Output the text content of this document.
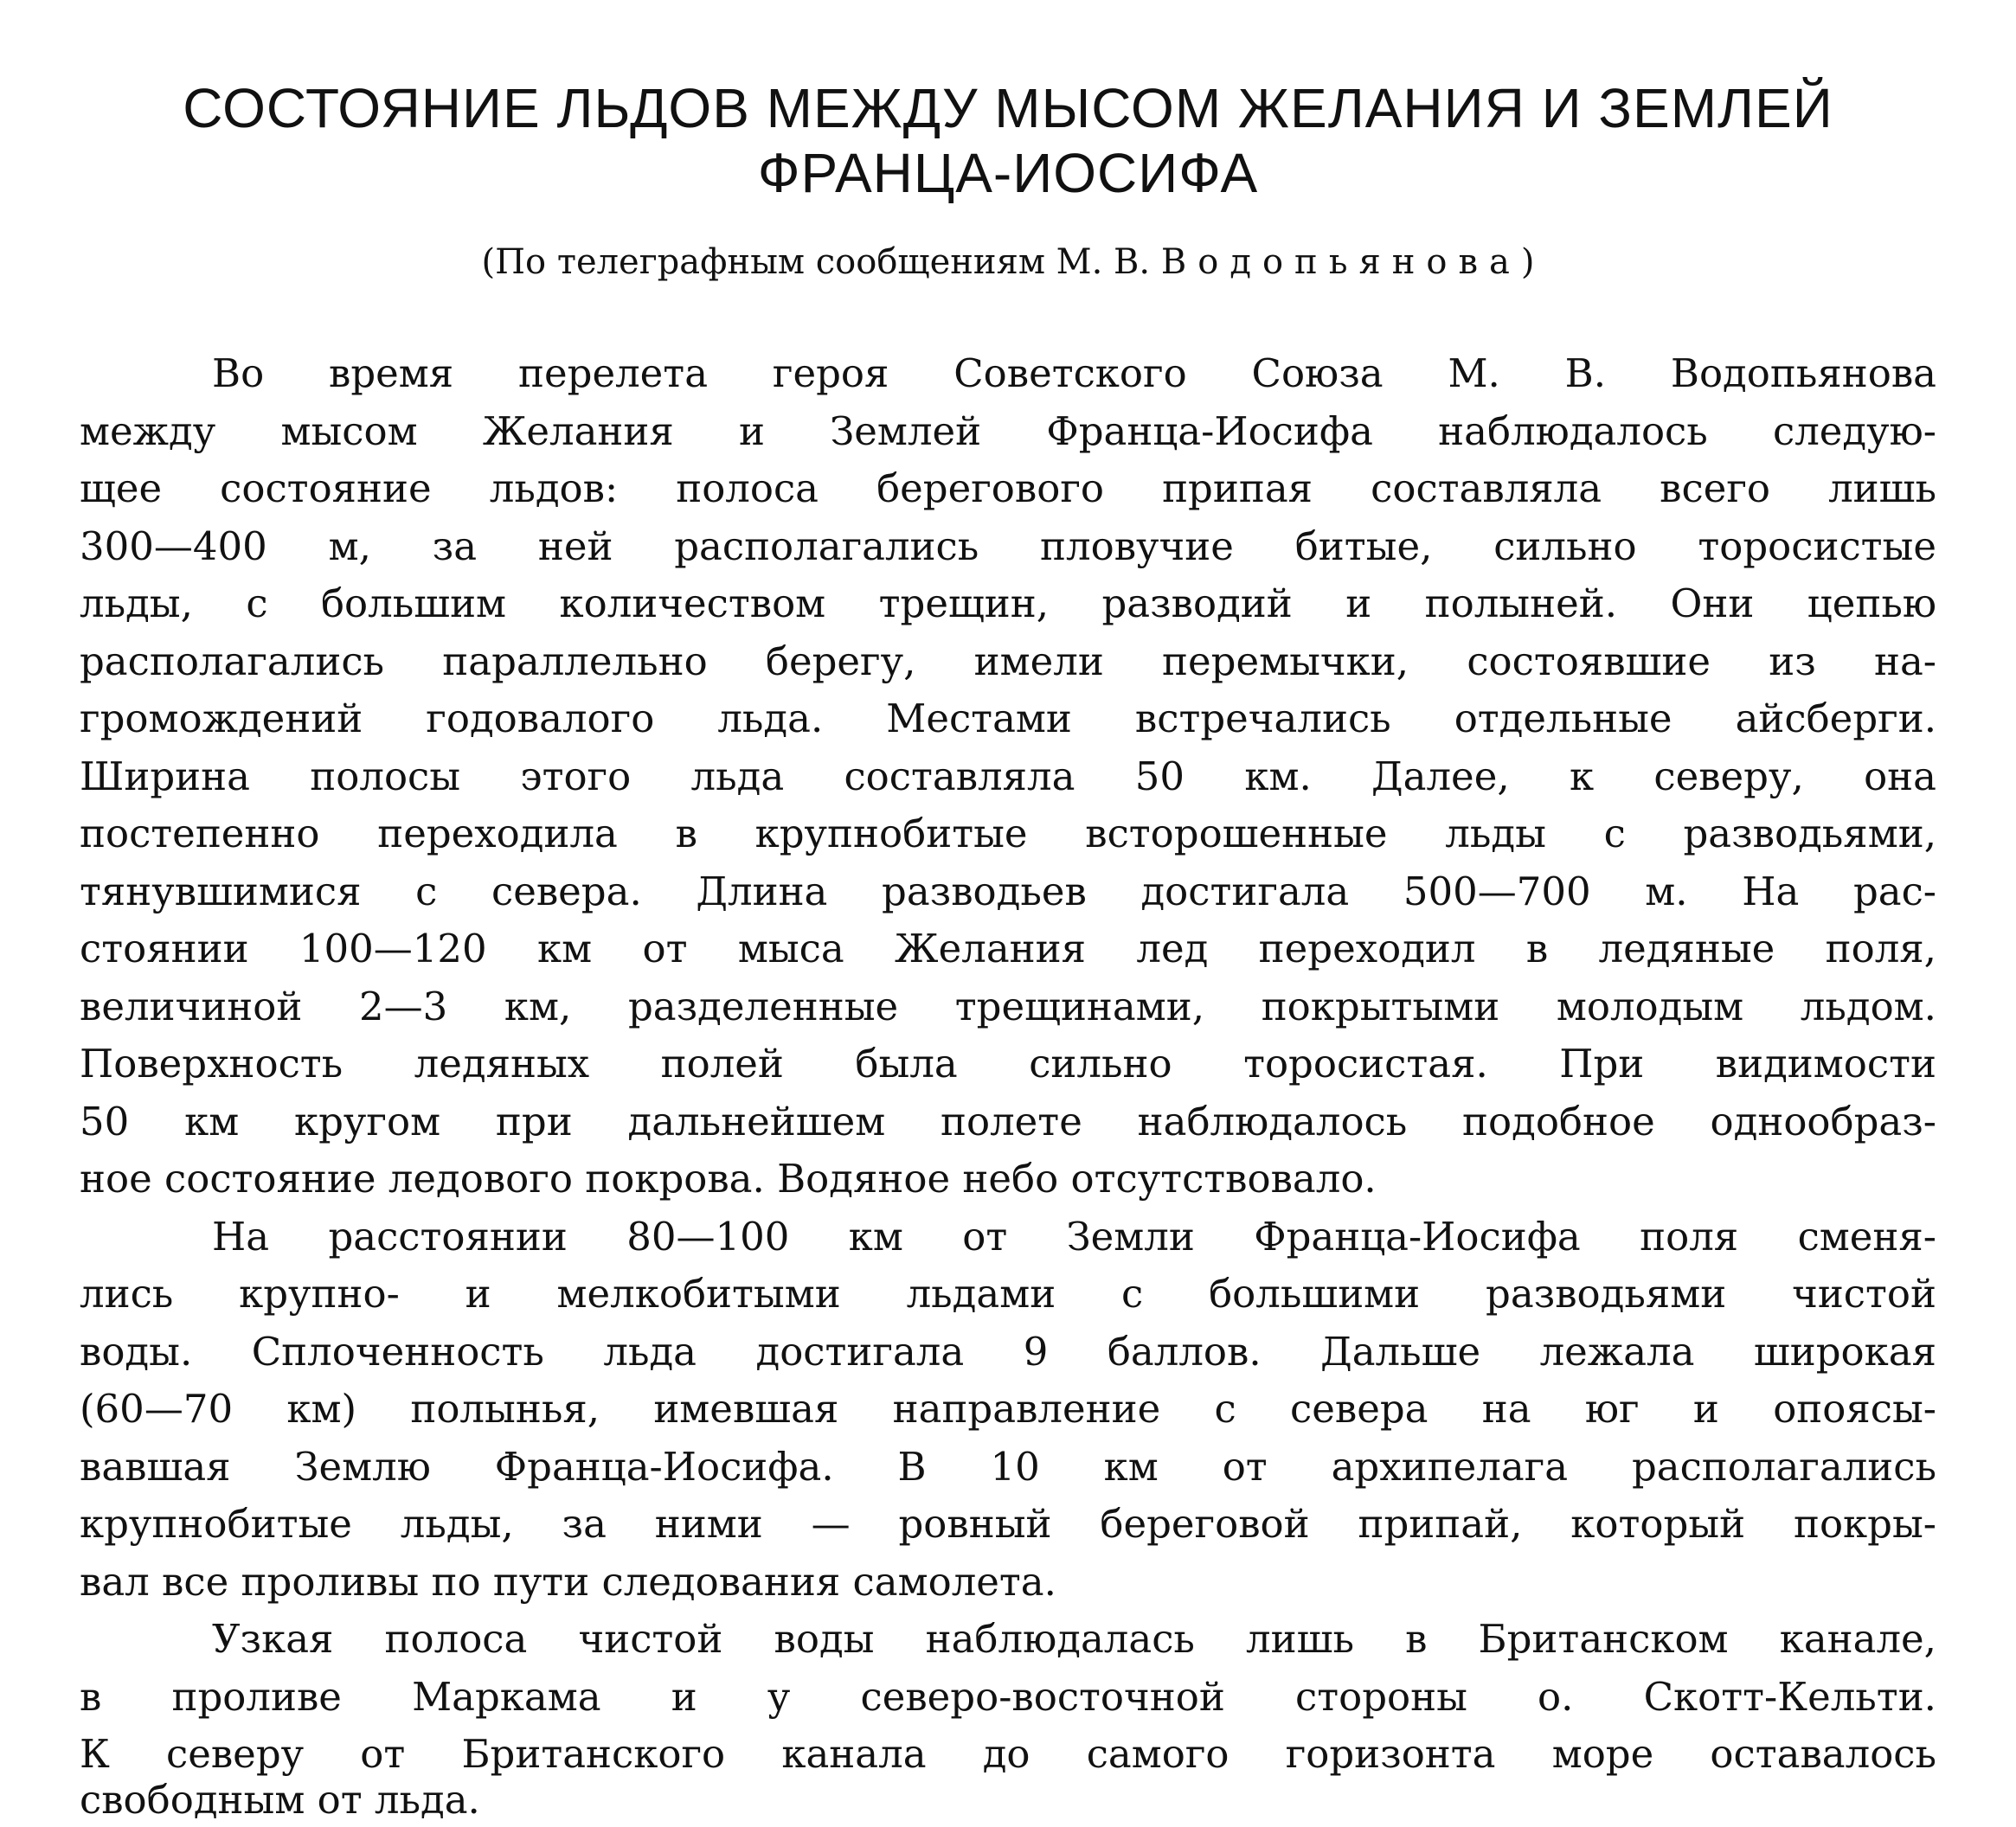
СОСТОЯНИЕ ЛЬДОВ МЕЖДУ МЫСОМ ЖЕЛАНИЯ И ЗЕМЛЕЙ
ФРАНЦА-ИОСИФА
(По телеграфным сообщениям М. В. Водопьянова)
Во время перелета героя Советского Союза М. В. Водопьянова
между мысом Желания и Землей Франца-Иосифа наблюдалось следую-
щее состояние льдов: полоса берегового припая составляла всего лишь
300—400 м, за ней располагались пловучие битые, сильно торосистые
льды, с большим количеством трещин, разводий и полыней. Они цепью
располагались параллельно берегу, имели перемычки, состоявшие из на-
громождений годовалого льда. Местами встречались отдельные айсберги.
Ширина полосы этого льда составляла 50 км. Далее, к северу, она
постепенно переходила в крупнобитые всторошенные льды с разводьями,
тянувшимися с севера. Длина разводьев достигала 500—700 м. На рас-
стоянии 100—120 км от мыса Желания лед переходил в ледяные поля,
величиной 2—3 км, разделенные трещинами, покрытыми молодым льдом.
Поверхность ледяных полей была сильно торосистая. При видимости
50 км кругом при дальнейшем полете наблюдалось подобное однообраз-
ное состояние ледового покрова. Водяное небо отсутствовало.
На расстоянии 80—100 км от Земли Франца-Иосифа поля сменя-
лись крупно- и мелкобитыми льдами с большими разводьями чистой
воды. Сплоченность льда достигала 9 баллов. Дальше лежала широкая
(60—70 км) полынья, имевшая направление с севера на юг и опоясы-
вавшая Землю Франца-Иосифа. В 10 км от архипелага располагались
крупнобитые льды, за ними — ровный береговой припай, который покры-
вал все проливы по пути следования самолета.
Узкая полоса чистой воды наблюдалась лишь в Британском канале,
в проливе Маркама и у северо-восточной стороны о. Скотт-Кельти.
К северу от Британского канала до самого горизонта море оставалось
свободным от льда.
